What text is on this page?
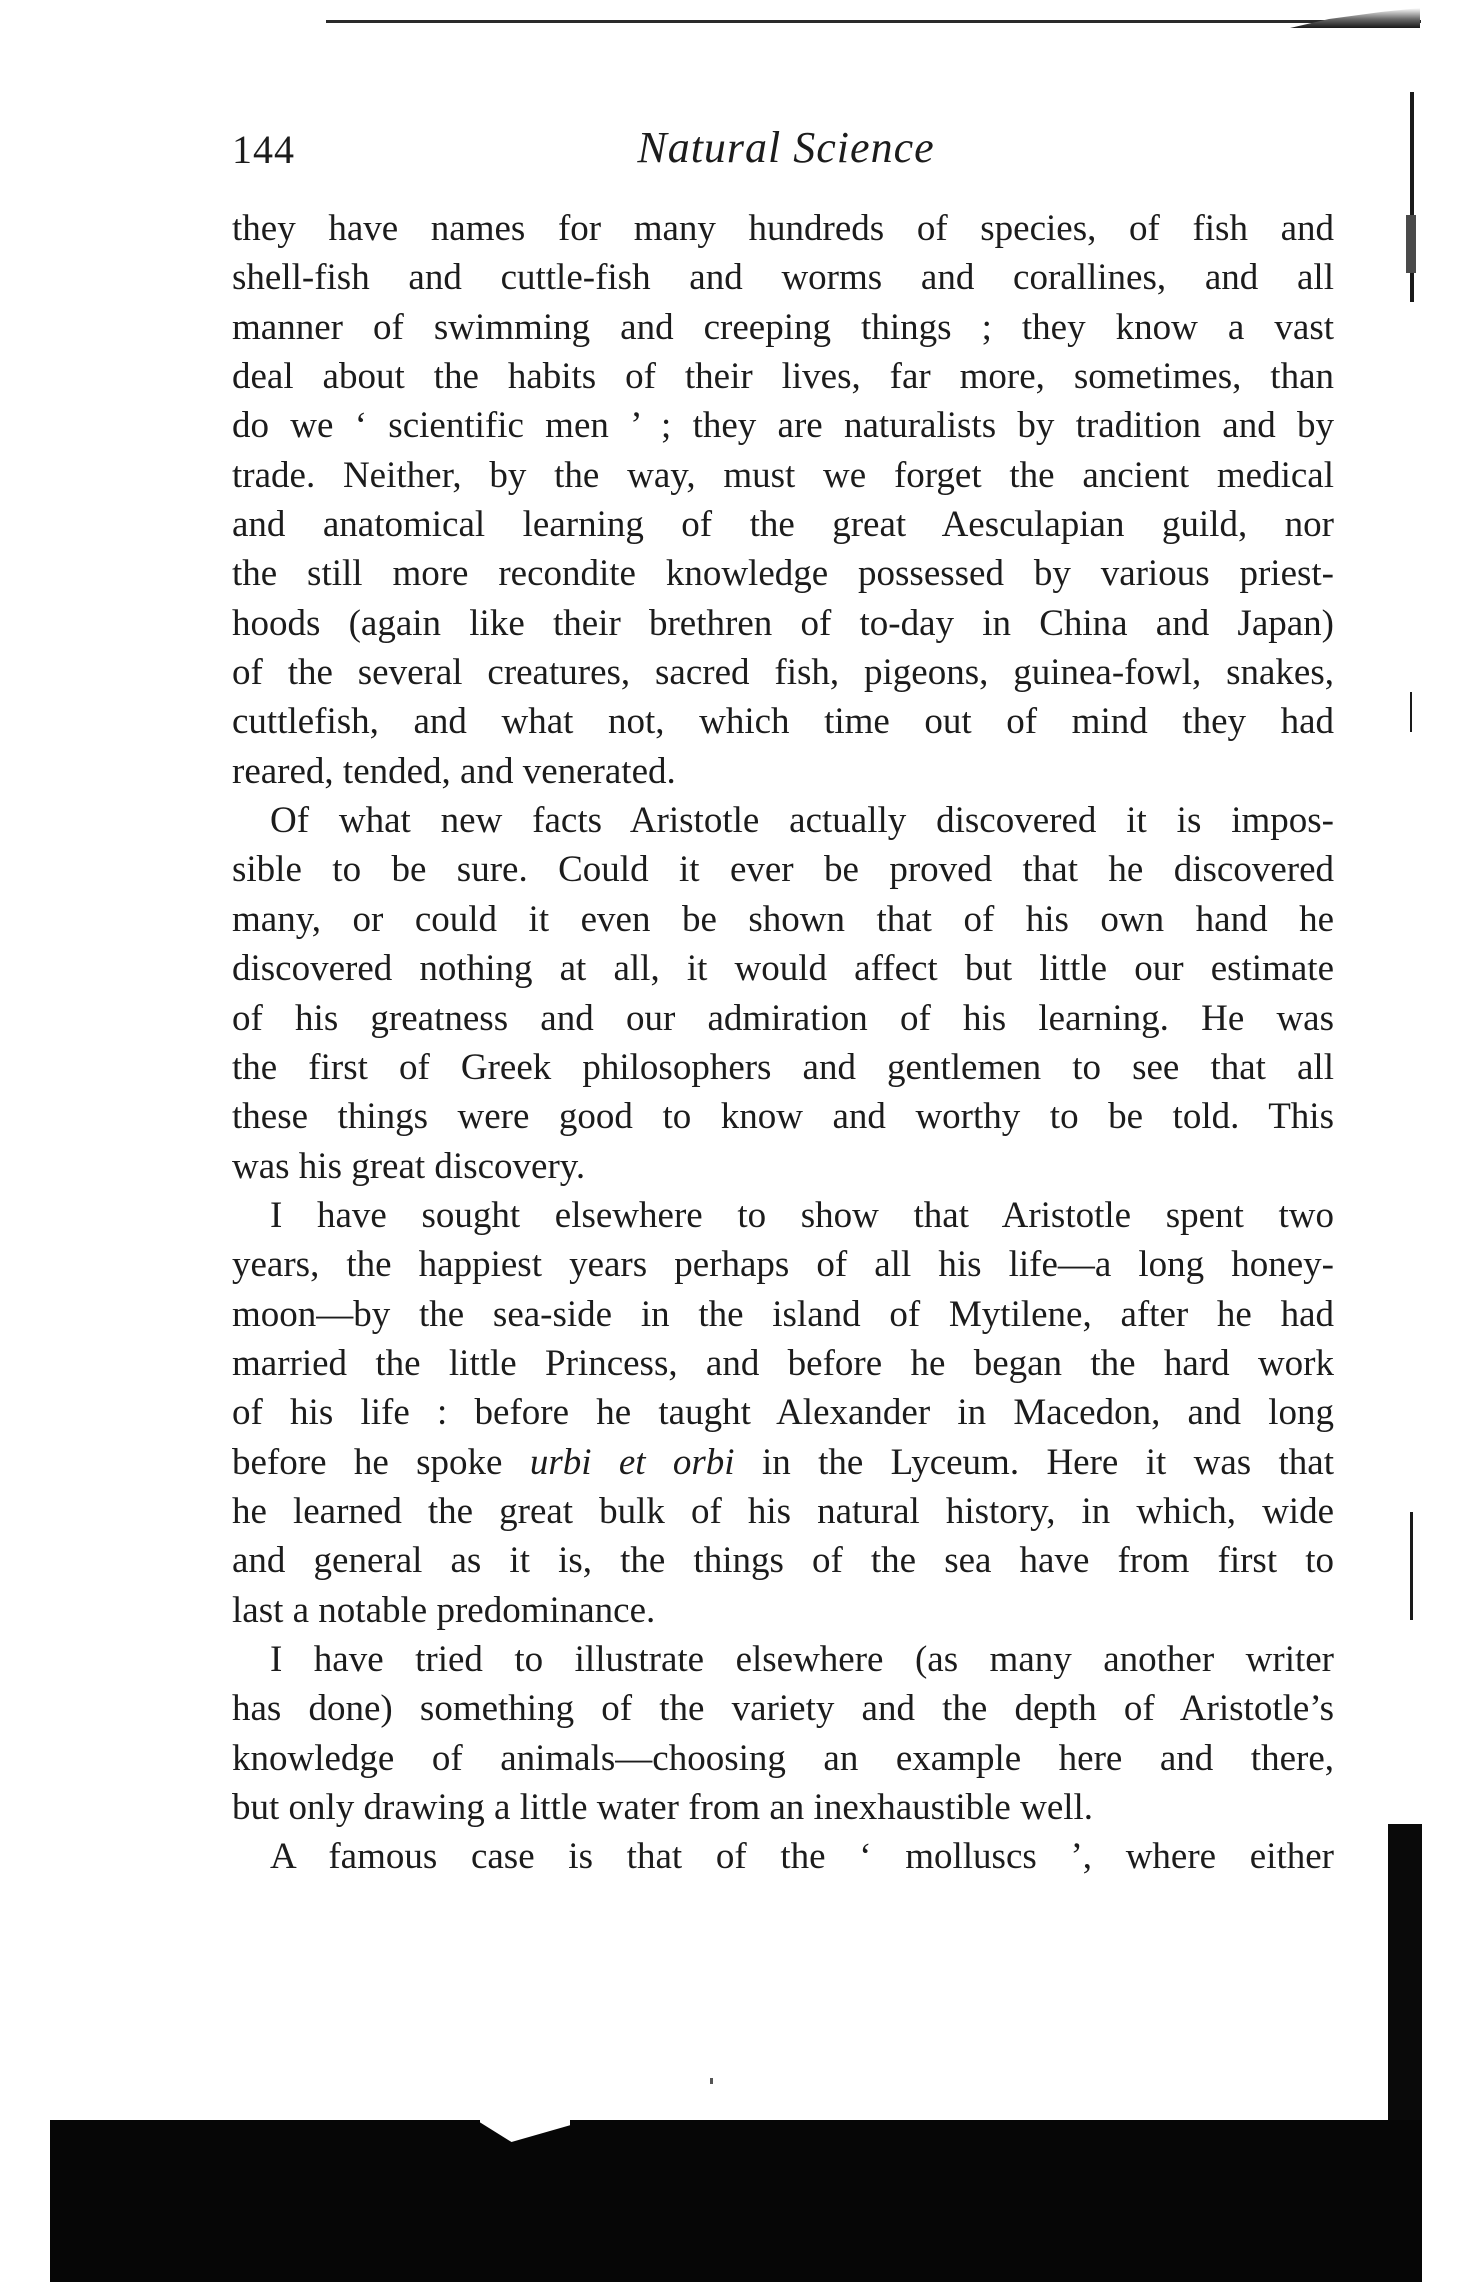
144	Natural Science
they have names for many hundreds of species, of fish and
shell-fish and cuttle-fish and worms and corallines, and all
manner of swimming and creeping things ; they know a vast
deal about the habits of their lives, far more, sometimes, than
do we ‘ scientific men ’ ; they are naturalists by tradition and by
trade. Neither, by the way, must we forget the ancient medical
and anatomical learning of the great Aesculapian guild, nor
the still more recondite knowledge possessed by various priest-
hoods (again like their brethren of to-day in China and Japan)
of the several creatures, sacred fish, pigeons, guinea-fowl, snakes,
cuttlefish, and what not, which time out of mind they had
reared, tended, and venerated.
Of what new facts Aristotle actually discovered it is impos-
sible to be sure. Could it ever be proved that he discovered
many, or could it even be shown that of his own hand he
discovered nothing at all, it would affect but little our estimate
of his greatness and our admiration of his learning. He was
the first of Greek philosophers and gentlemen to see that all
these things were good to know and worthy to be told. This
was his great discovery.
I have sought elsewhere to show that Aristotle spent two
years, the happiest years perhaps of all his life—a long honey-
moon—by the sea-side in the island of Mytilene, after he had
married the little Princess, and before he began the hard work
of his life : before he taught Alexander in Macedon, and long
before he spoke urbi et orbi in the Lyceum. Here it was that
he learned the great bulk of his natural history, in which, wide
and general as it is, the things of the sea have from first to
last a notable predominance.
I have tried to illustrate elsewhere (as many another writer
has done) something of the variety and the depth of Aristotle’s
knowledge of animals—choosing an example here and there,
but only drawing a little water from an inexhaustible well.
A famous case is that of the ‘ molluscs ’, where either
